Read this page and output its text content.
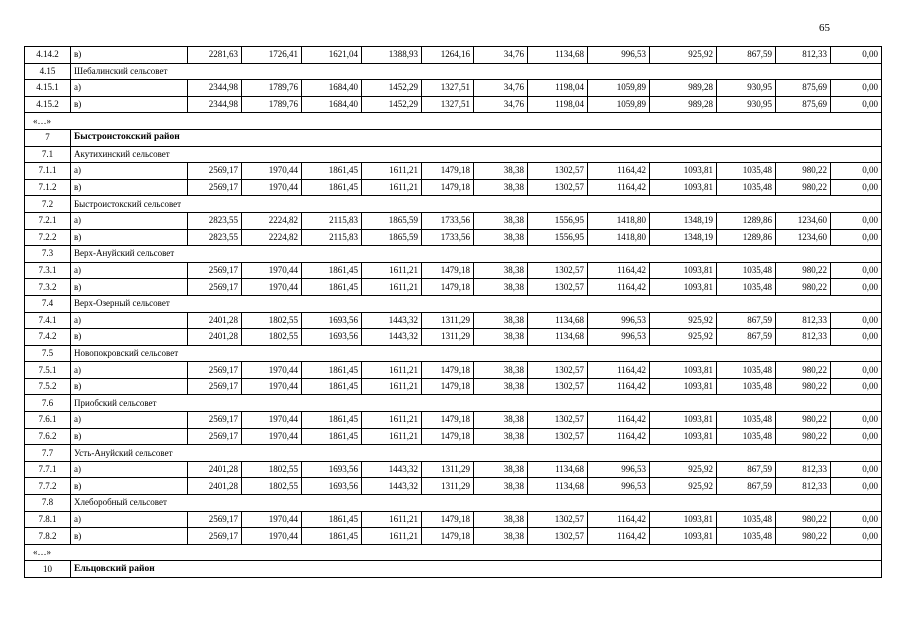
65
4.14.2	в)	2281,63	1726,41	1621,04	1388,93	1264,16	34,76	1134,68	996,53	925,92	867,59	812,33	0,00
4.15	Шебалинский сельсовет												
4.15.1	а)	2344,98	1789,76	1684,40	1452,29	1327,51	34,76	1198,04	1059,89	989,28	930,95	875,69	0,00
4.15.2	в)	2344,98	1789,76	1684,40	1452,29	1327,51	34,76	1198,04	1059,89	989,28	930,95	875,69	0,00
«…»													
7	Быстроистокский район												
7.1	Акутихинский сельсовет												
7.1.1	а)	2569,17	1970,44	1861,45	1611,21	1479,18	38,38	1302,57	1164,42	1093,81	1035,48	980,22	0,00
7.1.2	в)	2569,17	1970,44	1861,45	1611,21	1479,18	38,38	1302,57	1164,42	1093,81	1035,48	980,22	0,00
7.2	Быстроистокский сельсовет												
7.2.1	а)	2823,55	2224,82	2115,83	1865,59	1733,56	38,38	1556,95	1418,80	1348,19	1289,86	1234,60	0,00
7.2.2	в)	2823,55	2224,82	2115,83	1865,59	1733,56	38,38	1556,95	1418,80	1348,19	1289,86	1234,60	0,00
7.3	Верх-Ануйский сельсовет												
7.3.1	а)	2569,17	1970,44	1861,45	1611,21	1479,18	38,38	1302,57	1164,42	1093,81	1035,48	980,22	0,00
7.3.2	в)	2569,17	1970,44	1861,45	1611,21	1479,18	38,38	1302,57	1164,42	1093,81	1035,48	980,22	0,00
7.4	Верх-Озерный сельсовет												
7.4.1	а)	2401,28	1802,55	1693,56	1443,32	1311,29	38,38	1134,68	996,53	925,92	867,59	812,33	0,00
7.4.2	в)	2401,28	1802,55	1693,56	1443,32	1311,29	38,38	1134,68	996,53	925,92	867,59	812,33	0,00
7.5	Новопокровский сельсовет												
7.5.1	а)	2569,17	1970,44	1861,45	1611,21	1479,18	38,38	1302,57	1164,42	1093,81	1035,48	980,22	0,00
7.5.2	в)	2569,17	1970,44	1861,45	1611,21	1479,18	38,38	1302,57	1164,42	1093,81	1035,48	980,22	0,00
7.6	Приобский сельсовет												
7.6.1	а)	2569,17	1970,44	1861,45	1611,21	1479,18	38,38	1302,57	1164,42	1093,81	1035,48	980,22	0,00
7.6.2	в)	2569,17	1970,44	1861,45	1611,21	1479,18	38,38	1302,57	1164,42	1093,81	1035,48	980,22	0,00
7.7	Усть-Ануйский сельсовет												
7.7.1	а)	2401,28	1802,55	1693,56	1443,32	1311,29	38,38	1134,68	996,53	925,92	867,59	812,33	0,00
7.7.2	в)	2401,28	1802,55	1693,56	1443,32	1311,29	38,38	1134,68	996,53	925,92	867,59	812,33	0,00
7.8	Хлеборобный сельсовет												
7.8.1	а)	2569,17	1970,44	1861,45	1611,21	1479,18	38,38	1302,57	1164,42	1093,81	1035,48	980,22	0,00
7.8.2	в)	2569,17	1970,44	1861,45	1611,21	1479,18	38,38	1302,57	1164,42	1093,81	1035,48	980,22	0,00
«…»													
10	Ельцовский район												
